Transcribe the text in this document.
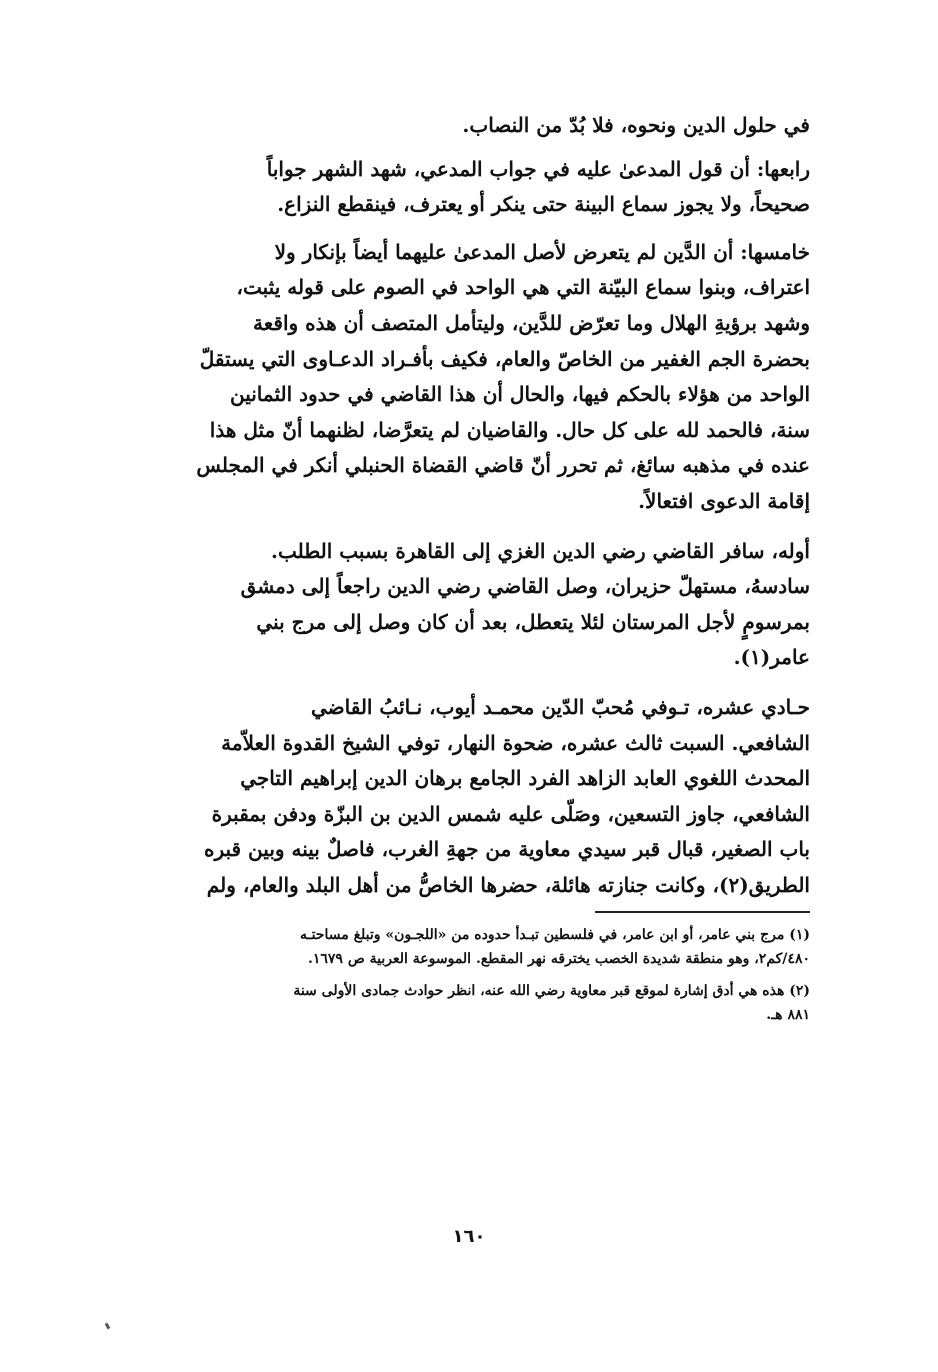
في حلول الدين ونحوه، فلا بُدّ من النصاب.

رابعها: أن قول المدعىٰ عليه في جواب المدعي، شهد الشهر جواباً
صحيحاً، ولا يجوز سماع البينة حتى ينكر أو يعترف، فينقطع النزاع.

خامسها: أن الدَّين لم يتعرض لأصل المدعىٰ عليهما أيضاً بإنكار ولا
اعتراف، وبنوا سماع البيّنة التي هي الواحد في الصوم على قوله يثبت،
وشهد برؤيةِ الهلال وما تعرّض للدَّين، وليتأمل المتصف أن هذه واقعة
بحضرة الجم الغفير من الخاصّ والعام، فكيف بأفـراد الدعـاوى التي يستقلّ
الواحد من هؤلاء بالحكم فيها، والحال أن هذا القاضي في حدود الثمانين
سنة، فالحمد لله على كل حال. والقاضيان لم يتعرَّضا، لظنهما أنّ مثل هذا
عنده في مذهبه سائغ، ثم تحرر أنّ قاضي القضاة الحنبلي أنكر في المجلس
إقامة الدعوى افتعالاً.

أوله، سافر القاضي رضي الدين الغزي إلى القاهرة بسبب الطلب.
سادسهُ، مستهلّ حزيران، وصل القاضي رضي الدين راجعاً إلى دمشق
بمرسومٍ لأجل المرستان لئلا يتعطل، بعد أن كان وصل إلى مرج بني
عامر(١).

حـادي عشره، تـوفي مُحبّ الدّين محمـد أيوب، نـائبُ القاضي
الشافعي. السبت ثالث عشره، ضحوة النهار، توفي الشيخ القدوة العلاّمة
المحدث اللغوي العابد الزاهد الفرد الجامع برهان الدين إبراهيم التاجي
الشافعي، جاوز التسعين، وصَلّى عليه شمس الدين بن البزّة ودفن بمقبرة
باب الصغير، قبال قبر سيدي معاوية من جهةِ الغرب، فاصلٌ بينه وبين قبره
الطريق(٢)، وكانت جنازته هائلة، حضرها الخاصُّ من أهل البلد والعام، ولم

(١) مرج بني عامر، أو ابن عامر، في فلسطين تبـدأ حدوده من «اللجـون» وتبلغ مساحتـه
٤٨٠/كم٢، وهو منطقة شديدة الخصب يخترقه نهر المقطع. الموسوعة العربية ص ١٦٧٩.

(٢) هذه هي أدق إشارة لموقع قبر معاوية رضي الله عنه، انظر حوادث جمادى الأولى سنة
٨٨١ هـ.

١٦٠
